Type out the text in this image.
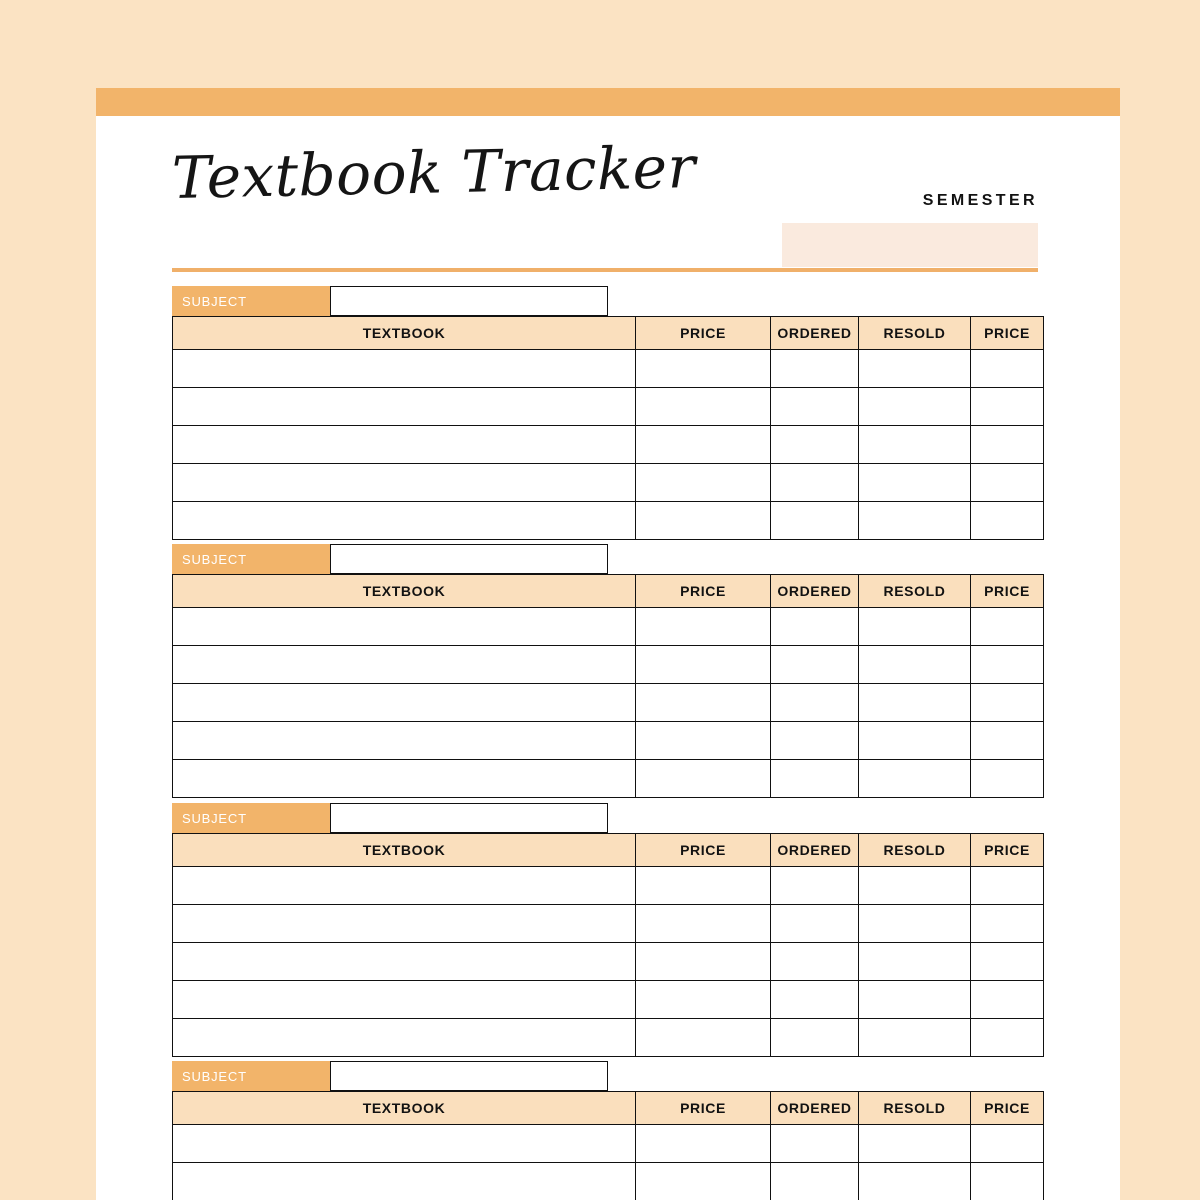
Textbook Tracker	SEMESTER
SUBJECT
TEXTBOOK	PRICE	ORDERED	RESOLD	PRICE

SUBJECT
TEXTBOOK	PRICE	ORDERED	RESOLD	PRICE

SUBJECT
TEXTBOOK	PRICE	ORDERED	RESOLD	PRICE

SUBJECT
TEXTBOOK	PRICE	ORDERED	RESOLD	PRICE
